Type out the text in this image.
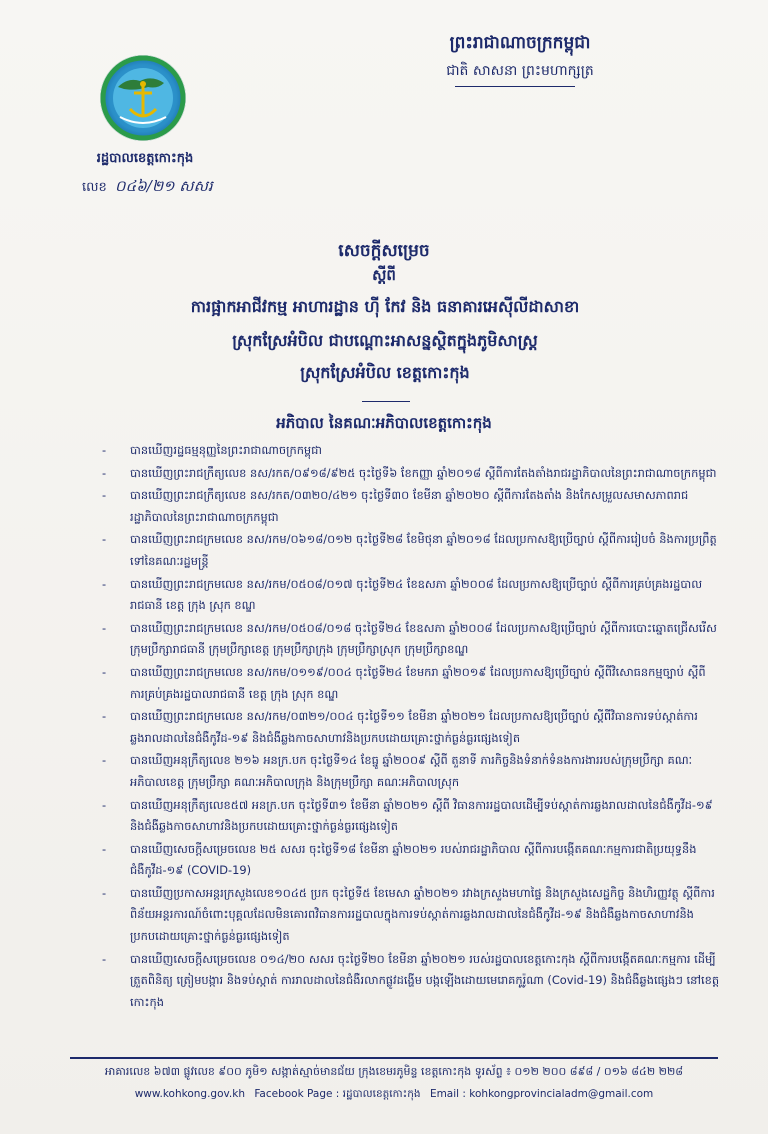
ព្រះរាជាណាចក្រកម្ពុជា
ជាតិ សាសនា ព្រះមហាក្សត្រ
រដ្ឋបាលខេត្តកោះកុង
លេខ ០៤៦/២១ សសរ
សេចក្តីសម្រេច
ស្តីពី
ការផ្អាកអាជីវកម្ម អាហារដ្ឋាន ហ៊ី កែវ និង ធនាគារអេស៊ីលីដាសាខា
ស្រុកស្រែអំបិល ជាបណ្ដោះអាសន្នស្ថិតក្នុងភូមិសាស្ត្រ
ស្រុកស្រែអំបិល ខេត្តកោះកុង
អភិបាល នៃគណៈអភិបាលខេត្តកោះកុង
- បានឃើញរដ្ឋធម្មនុញ្ញនៃព្រះរាជាណាចក្រកម្ពុជា
- បានឃើញព្រះរាជក្រឹត្យលេខ នស/រកត/០៩១៨/៩២៥ ចុះថ្ងៃទី៦ ខែកញ្ញា ឆ្នាំ២០១៨ ស្តីពីការតែងតាំងរាជរដ្ឋាភិបាលនៃព្រះរាជាណាចក្រកម្ពុជា
- បានឃើញព្រះរាជក្រឹត្យលេខ នស/រកត/០៣២០/៤២១ ចុះថ្ងៃទី៣០ ខែមីនា ឆ្នាំ២០២០ ស្តីពីការតែងតាំង និងកែសម្រួលសមាសភាពរាជរដ្ឋាភិបាលនៃព្រះរាជាណាចក្រកម្ពុជា
- បានឃើញព្រះរាជក្រមលេខ នស/រកម/០៦១៨/០១២ ចុះថ្ងៃទី២៨ ខែមិថុនា ឆ្នាំ២០១៨ ដែលប្រកាសឱ្យប្រើច្បាប់ ស្តីពីការរៀបចំ និងការប្រព្រឹត្តទៅនៃគណៈរដ្ឋមន្ត្រី
- បានឃើញព្រះរាជក្រមលេខ នស/រកម/០៥០៨/០១៧ ចុះថ្ងៃទី២៤ ខែឧសភា ឆ្នាំ២០០៨ ដែលប្រកាសឱ្យប្រើច្បាប់ ស្តីពីការគ្រប់គ្រងរដ្ឋបាលរាជធានី ខេត្ត ក្រុង ស្រុក ខណ្ឌ
- បានឃើញព្រះរាជក្រមលេខ នស/រកម/០៥០៨/០១៨ ចុះថ្ងៃទី២៤ ខែឧសភា ឆ្នាំ២០០៨ ដែលប្រកាសឱ្យប្រើច្បាប់ ស្តីពីការបោះឆ្នោតជ្រើសរើសក្រុមប្រឹក្សារាជធានី ក្រុមប្រឹក្សាខេត្ត ក្រុមប្រឹក្សាក្រុង ក្រុមប្រឹក្សាស្រុក ក្រុមប្រឹក្សាខណ្ឌ
- បានឃើញព្រះរាជក្រមលេខ នស/រកម/០១១៩/០០៤ ចុះថ្ងៃទី២៤ ខែមករា ឆ្នាំ២០១៩ ដែលប្រកាសឱ្យប្រើច្បាប់ ស្តីពីវិសោធនកម្មច្បាប់ ស្តីពីការគ្រប់គ្រងរដ្ឋបាលរាជធានី ខេត្ត ក្រុង ស្រុក ខណ្ឌ
- បានឃើញព្រះរាជក្រមលេខ នស/រកម/០៣២១/០០៤ ចុះថ្ងៃទី១១ ខែមីនា ឆ្នាំ២០២១ ដែលប្រកាសឱ្យប្រើច្បាប់ ស្តីពីវិធានការទប់ស្កាត់ការឆ្លងរាលដាលនៃជំងឺកូវីដ-១៩ និងជំងឺឆ្លងកាចសាហាវនិងប្រកបដោយគ្រោះថ្នាក់ធ្ងន់ធ្ងរផ្សេងទៀត
- បានឃើញអនុក្រឹត្យលេខ ២១៦ អនក្រ.បក ចុះថ្ងៃទី១៤ ខែធ្នូ ឆ្នាំ២០០៩ ស្តីពី តួនាទី ភារកិច្ចនិងទំនាក់ទំនងការងាររបស់ក្រុមប្រឹក្សា គណៈអភិបាលខេត្ត ក្រុមប្រឹក្សា គណៈអភិបាលក្រុង និងក្រុមប្រឹក្សា គណៈអភិបាលស្រុក
- បានឃើញអនុក្រឹត្យលេខ៥៧ អនក្រ.បក ចុះថ្ងៃទី៣១ ខែមីនា ឆ្នាំ២០២១ ស្តីពី វិធានការរដ្ឋបាលដើម្បីទប់ស្កាត់ការឆ្លងរាលដាលនៃជំងឺកូវីដ-១៩ និងជំងឺឆ្លងកាចសាហាវនិងប្រកបដោយគ្រោះថ្នាក់ធ្ងន់ធ្ងរផ្សេងទៀត
- បានឃើញសេចក្តីសម្រេចលេខ ២៥ សសរ ចុះថ្ងៃទី១៨ ខែមីនា ឆ្នាំ២០២១ របស់រាជរដ្ឋាភិបាល ស្តីពីការបង្កើតគណៈកម្មការជាតិប្រយុទ្ធនឹងជំងឺកូវីដ-១៩ (COVID-19)
- បានឃើញប្រកាសអន្តរក្រសួងលេខ១០៤៥ ប្រក ចុះថ្ងៃទី៥ ខែមេសា ឆ្នាំ២០២១ រវាងក្រសួងមហាផ្ទៃ និងក្រសួងសេដ្ឋកិច្ច និងហិរញ្ញវត្ថុ ស្តីពីការពិន័យអន្តរការណ៍ចំពោះបុគ្គលដែលមិនគោរពវិធានការរដ្ឋបាលក្នុងការទប់ស្កាត់ការឆ្លងរាលដាលនៃជំងឺកូវីដ-១៩ និងជំងឺឆ្លងកាចសាហាវនិងប្រកបដោយគ្រោះថ្នាក់ធ្ងន់ធ្ងរផ្សេងទៀត
- បានឃើញសេចក្តីសម្រេចលេខ ០១៤/២០ សសរ ចុះថ្ងៃទី២០ ខែមីនា ឆ្នាំ២០២១ របស់រដ្ឋបាលខេត្តកោះកុង ស្តីពីការបង្កើតគណៈកម្មការ ដើម្បីត្រួតពិនិត្យ ត្រៀមបង្ការ និងទប់ស្កាត់ ការរាលដាលនៃជំងឺរលាកផ្លូវដង្ហើម បង្កឡើងដោយមេរោគកូរ៉ូណា (Covid-19) និងជំងឺឆ្លងផ្សេងៗ នៅខេត្តកោះកុង
អាគារលេខ ៦៧៣ ផ្លូវលេខ ៩០០ ភូមិ១ សង្កាត់ស្មាច់មានជ័យ ក្រុងខេមរភូមិន្ទ ខេត្តកោះកុង ទូរស័ព្ទ ៖ ០១២ ២០០ ៨៩៨ / ០១៦ ៨៤២ ២២៨
www.kohkong.gov.kh Facebook Page : រដ្ឋបាលខេត្តកោះកុង Email : kohkongprovincialadm@gmail.com
